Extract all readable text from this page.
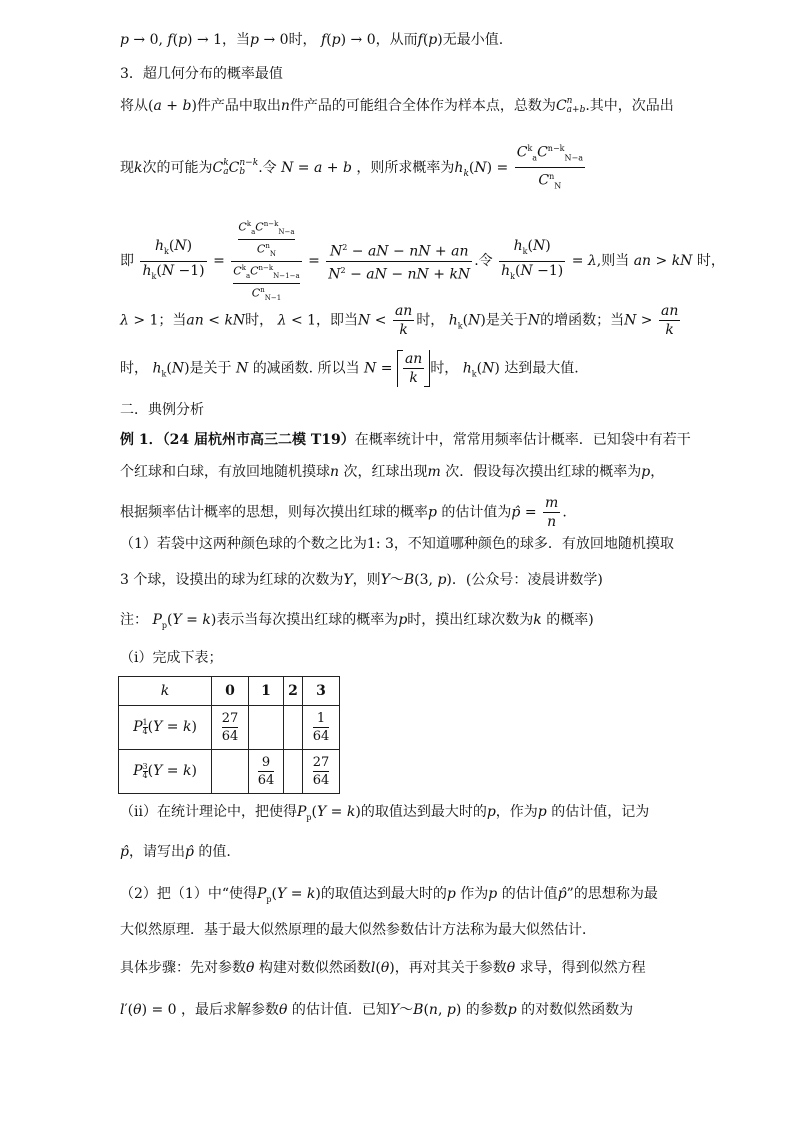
p → 0, f(p) → 1，当p → 0时， f(p) → 0，从而f(p)无最小值.
3．超几何分布的概率最值
将从(a + b)件产品中取出n件产品的可能组合全体作为样本点，总数为Cn
a+b.其中，次品出
现k次的可能为Ck
aCn−k
b .令 N = a + b ，则所求概率为$h_k(N) = \frac{C^k_aC^{n-k}_{N-a}}{C^n_N}$
即 $\frac{h_k(N)}{h_k(N -1)} = C^k_aC^{n-k}_{N-a}$
$C^n_N$
$C^k_aC^{n-k}_{N-1-a}$
$C^n_{N-1} = \frac{N^2 - aN - nN + an}{N^2 - aN - nN + kN}$ .令 $\frac{h_k(N)}{h_k(N -1)} = \lambda$,则当 an > kN 时，
λ > 1；当an < kN时， λ < 1，即当$N < \frac{an}{k}$ 时， $h_k(N)$是关于N的增函数；当$N > \frac{an}{k}$
时， $h_k(N)$是关于 N 的减函数. 所以当 $N = \frac{an}{k}$ 时， $h_k(N)$ 达到最大值.
二．典例分析
例 1．（24 届杭州市高三二模 T19）在概率统计中，常常用频率估计概率．已知袋中有若干
个红球和白球，有放回地随机摸球n 次，红球出现m 次．假设每次摸出红球的概率为p，
根据频率估计概率的思想，则每次摸出红球的概率p 的估计值为p̂ = $\frac{m}{n}$ .
（1）若袋中这两种颜色球的个数之比为1: 3，不知道哪种颜色的球多．有放回地随机摸取
3 个球，设摸出的球为红球的次数为Y，则Y～B(3, p)．(公众号：凌晨讲数学)
注： $P_p(Y = k)$表示当每次摸出红球的概率为p时，摸出红球次数为k 的概率)
（ⅰ）完成下表；
k	0	1	2	3
P $\frac{1}{4} (Y = k)$	$\frac{27}{64}$			$\frac{1}{64}$

P $\frac{3}{4} (Y = k)$		$\frac{9}{64}$		$\frac{27}{64}$
（ⅱ）在统计理论中，把使得$P_p(Y = k)$的取值达到最大时的p，作为p 的估计值，记为
p̂，请写出p̂ 的值.
（2）把（1）中“使得$P_p(Y = k)$的取值达到最大时的p 作为p 的估计值p̂”的思想称为最
大似然原理．基于最大似然原理的最大似然参数估计方法称为最大似然估计．
具体步骤：先对参数θ 构建对数似然函数l(θ)，再对其关于参数θ 求导，得到似然方程
l′(θ) = 0 ，最后求解参数θ 的估计值．已知Y～B(n, p) 的参数p 的对数似然函数为
